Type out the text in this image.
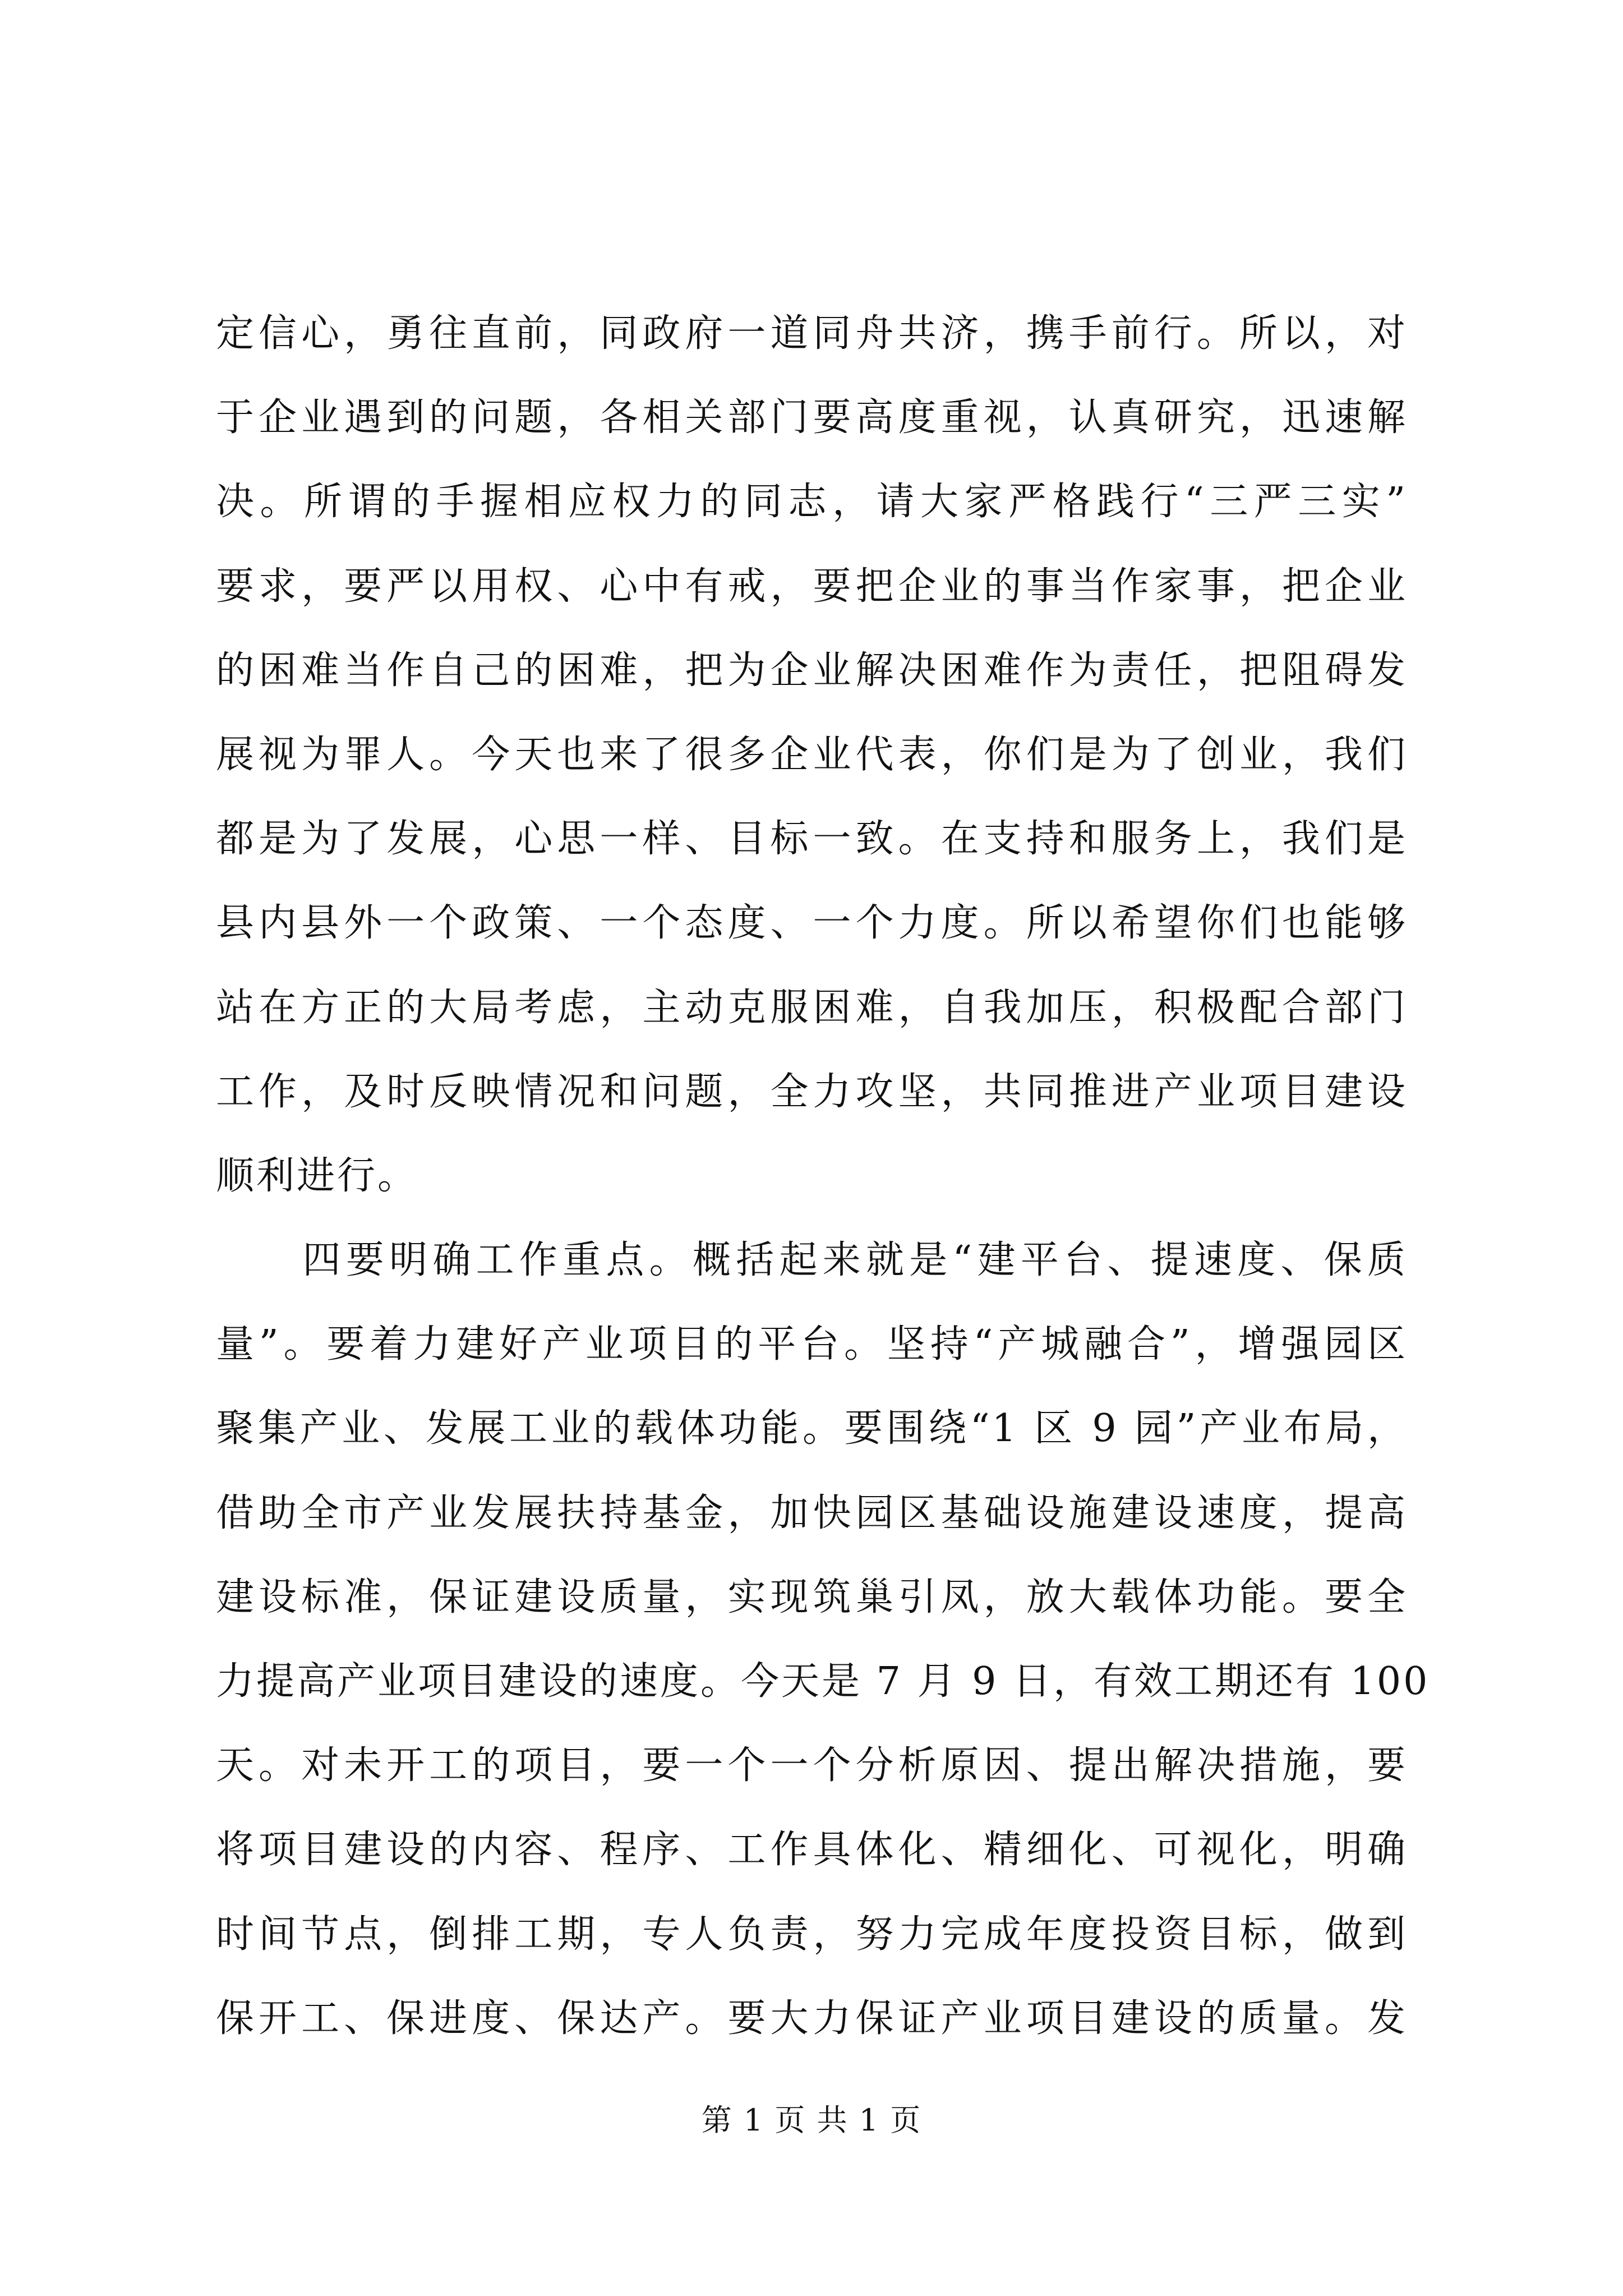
定信心，勇往直前，同政府一道同舟共济，携手前行。所以，对
于企业遇到的问题，各相关部门要高度重视，认真研究，迅速解
决。所谓的手握相应权力的同志，请大家严格践行“三严三实”
要求，要严以用权、心中有戒，要把企业的事当作家事，把企业
的困难当作自己的困难，把为企业解决困难作为责任，把阻碍发
展视为罪人。今天也来了很多企业代表，你们是为了创业，我们
都是为了发展，心思一样、目标一致。在支持和服务上，我们是
县内县外一个政策、一个态度、一个力度。所以希望你们也能够
站在方正的大局考虑，主动克服困难，自我加压，积极配合部门
工作，及时反映情况和问题，全力攻坚，共同推进产业项目建设
顺利进行。
　　四要明确工作重点。概括起来就是“建平台、提速度、保质
量”。要着力建好产业项目的平台。坚持“产城融合”，增强园区
聚集产业、发展工业的载体功能。要围绕“1 区 9 园”产业布局，
借助全市产业发展扶持基金，加快园区基础设施建设速度，提高
建设标准，保证建设质量，实现筑巢引凤，放大载体功能。要全
力提高产业项目建设的速度。今天是 7 月 9 日，有效工期还有 100
天。对未开工的项目，要一个一个分析原因、提出解决措施，要
将项目建设的内容、程序、工作具体化、精细化、可视化，明确
时间节点，倒排工期，专人负责，努力完成年度投资目标，做到
保开工、保进度、保达产。要大力保证产业项目建设的质量。发
第 1 页 共 1 页
